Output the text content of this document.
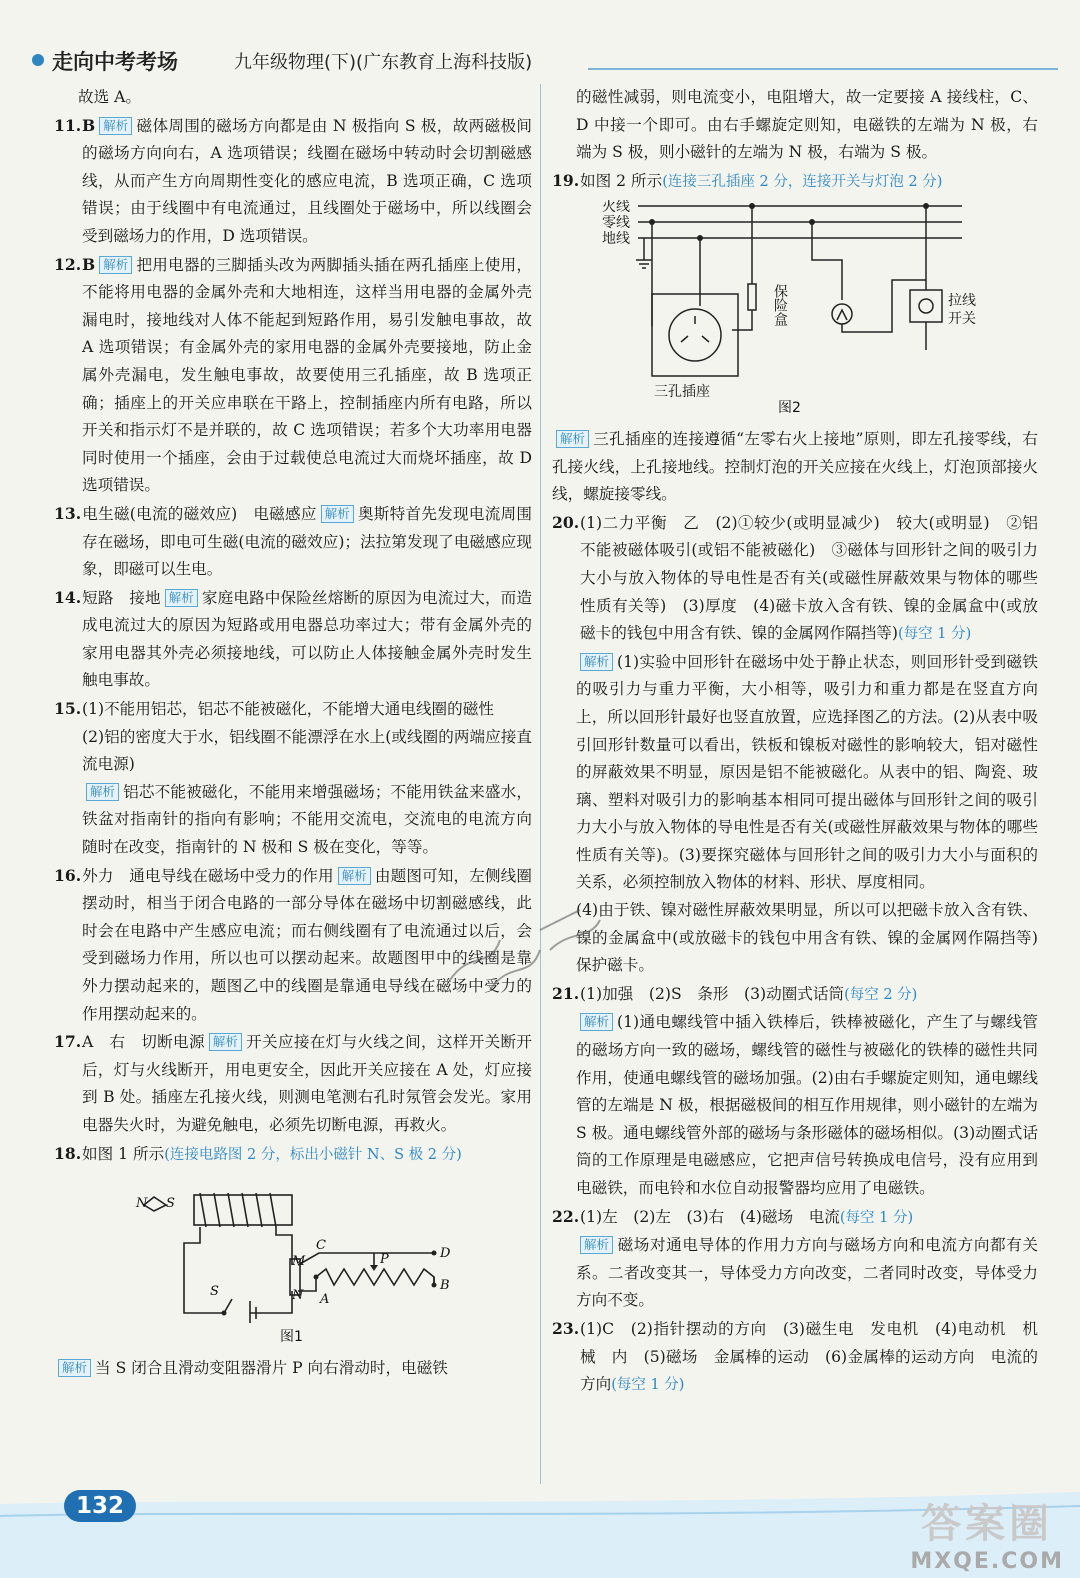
走向中考考场	九年级物理(下)(广东教育上海科技版)

故选 A。

11.B 解析 磁体周围的磁场方向都是由 N 极指向 S 极，故两磁极间的磁场方向向右，A 选项错误；线圈在磁场中转动时会切割磁感线，从而产生方向周期性变化的感应电流，B 选项正确，C 选项错误；由于线圈中有电流通过，且线圈处于磁场中，所以线圈会受到磁场力的作用，D 选项错误。

12.B 解析 把用电器的三脚插头改为两脚插头插在两孔插座上使用，不能将用电器的金属外壳和大地相连，这样当用电器的金属外壳漏电时，接地线对人体不能起到短路作用，易引发触电事故，故 A 选项错误；有金属外壳的家用电器的金属外壳要接地，防止金属外壳漏电，发生触电事故，故要使用三孔插座，故 B 选项正确；插座上的开关应串联在干路上，控制插座内所有电路，所以开关和指示灯不是并联的，故 C 选项错误；若多个大功率用电器同时使用一个插座，会由于过载使总电流过大而烧坏插座，故 D 选项错误。

13.电生磁(电流的磁效应)　电磁感应 解析 奥斯特首先发现电流周围存在磁场，即电可生磁(电流的磁效应)；法拉第发现了电磁感应现象，即磁可以生电。

14.短路　接地 解析 家庭电路中保险丝熔断的原因为电流过大，而造成电流过大的原因为短路或用电器总功率过大；带有金属外壳的家用电器其外壳必须接地线，可以防止人体接触金属外壳时发生触电事故。

15.(1)不能用铝芯，铝芯不能被磁化，不能增大通电线圈的磁性
(2)铝的密度大于水，铝线圈不能漂浮在水上(或线圈的两端应接直流电源)
解析 铝芯不能被磁化，不能用来增强磁场；不能用铁盆来盛水，铁盆对指南针的指向有影响；不能用交流电，交流电的电流方向随时在改变，指南针的 N 极和 S 极在变化，等等。

16.外力　通电导线在磁场中受力的作用 解析 由题图可知，左侧线圈摆动时，相当于闭合电路的一部分导体在磁场中切割磁感线，此时会在电路中产生感应电流；而右侧线圈有了电流通过以后，会受到磁场力作用，所以也可以摆动起来。故题图甲中的线圈是靠外力摆动起来的，题图乙中的线圈是靠通电导线在磁场中受力的作用摆动起来的。

17.A　右　切断电源 解析 开关应接在灯与火线之间，这样开关断开后，灯与火线断开，用电更安全，因此开关应接在 A 处，灯应接到 B 处。插座左孔接火线，则测电笔测右孔时氖管会发光。家用电器失火时，为避免触电，必须先切断电源，再救火。

18.如图 1 所示(连接电路图 2 分，标出小磁针 N、S 极 2 分)

N S
S
M
N
C
D
A
B
P
图1

解析 当 S 闭合且滑动变阻器滑片 P 向右滑动时，电磁铁

的磁性减弱，则电流变小，电阻增大，故一定要接 A 接线柱，C、D 中接一个即可。由右手螺旋定则知，电磁铁的左端为 N 极，右端为 S 极，则小磁针的左端为 N 极，右端为 S 极。

19.如图 2 所示(连接三孔插座 2 分，连接开关与灯泡 2 分)

火线
零线
地线
三孔插座
保险盒	拉线开关
图2

解析 三孔插座的连接遵循“左零右火上接地”原则，即左孔接零线，右孔接火线，上孔接地线。控制灯泡的开关应接在火线上，灯泡顶部接火线，螺旋接零线。

20.(1)二力平衡　乙　(2)①较少(或明显减少)　较大(或明显)　②铝不能被磁体吸引(或铝不能被磁化)　③磁体与回形针之间的吸引力大小与放入物体的导电性是否有关(或磁性屏蔽效果与物体的哪些性质有关等)　(3)厚度　(4)磁卡放入含有铁、镍的金属盒中(或放磁卡的钱包中用含有铁、镍的金属网作隔挡等)(每空 1 分)

解析 (1)实验中回形针在磁场中处于静止状态，则回形针受到磁铁的吸引力与重力平衡，大小相等，吸引力和重力都是在竖直方向上，所以回形针最好也竖直放置，应选择图乙的方法。(2)从表中吸引回形针数量可以看出，铁板和镍板对磁性的影响较大，铝对磁性的屏蔽效果不明显，原因是铝不能被磁化。从表中的铝、陶瓷、玻璃、塑料对吸引力的影响基本相同可提出磁体与回形针之间的吸引力大小与放入物体的导电性是否有关(或磁性屏蔽效果与物体的哪些性质有关等)。(3)要探究磁体与回形针之间的吸引力大小与面积的关系，必须控制放入物体的材料、形状、厚度相同。

(4)由于铁、镍对磁性屏蔽效果明显，所以可以把磁卡放入含有铁、镍的金属盒中(或放磁卡的钱包中用含有铁、镍的金属网作隔挡等)保护磁卡。

21.(1)加强　(2)S　条形　(3)动圈式话筒(每空 2 分)

解析 (1)通电螺线管中插入铁棒后，铁棒被磁化，产生了与螺线管的磁场方向一致的磁场，螺线管的磁性与被磁化的铁棒的磁性共同作用，使通电螺线管的磁场加强。(2)由右手螺旋定则知，通电螺线管的左端是 N 极，根据磁极间的相互作用规律，则小磁针的左端为 S 极。通电螺线管外部的磁场与条形磁体的磁场相似。(3)动圈式话筒的工作原理是电磁感应，它把声信号转换成电信号，没有应用到电磁铁，而电铃和水位自动报警器均应用了电磁铁。

22.(1)左　(2)左　(3)右　(4)磁场　电流(每空 1 分)

解析 磁场对通电导体的作用力方向与磁场方向和电流方向都有关系。二者改变其一，导体受力方向改变，二者同时改变，导体受力方向不变。

23.(1)C　(2)指针摆动的方向　(3)磁生电　发电机　(4)电动机　机械　内　(5)磁场　金属棒的运动　(6)金属棒的运动方向　电流的方向(每空 1 分)

132	答案圈
MXQE.COM
